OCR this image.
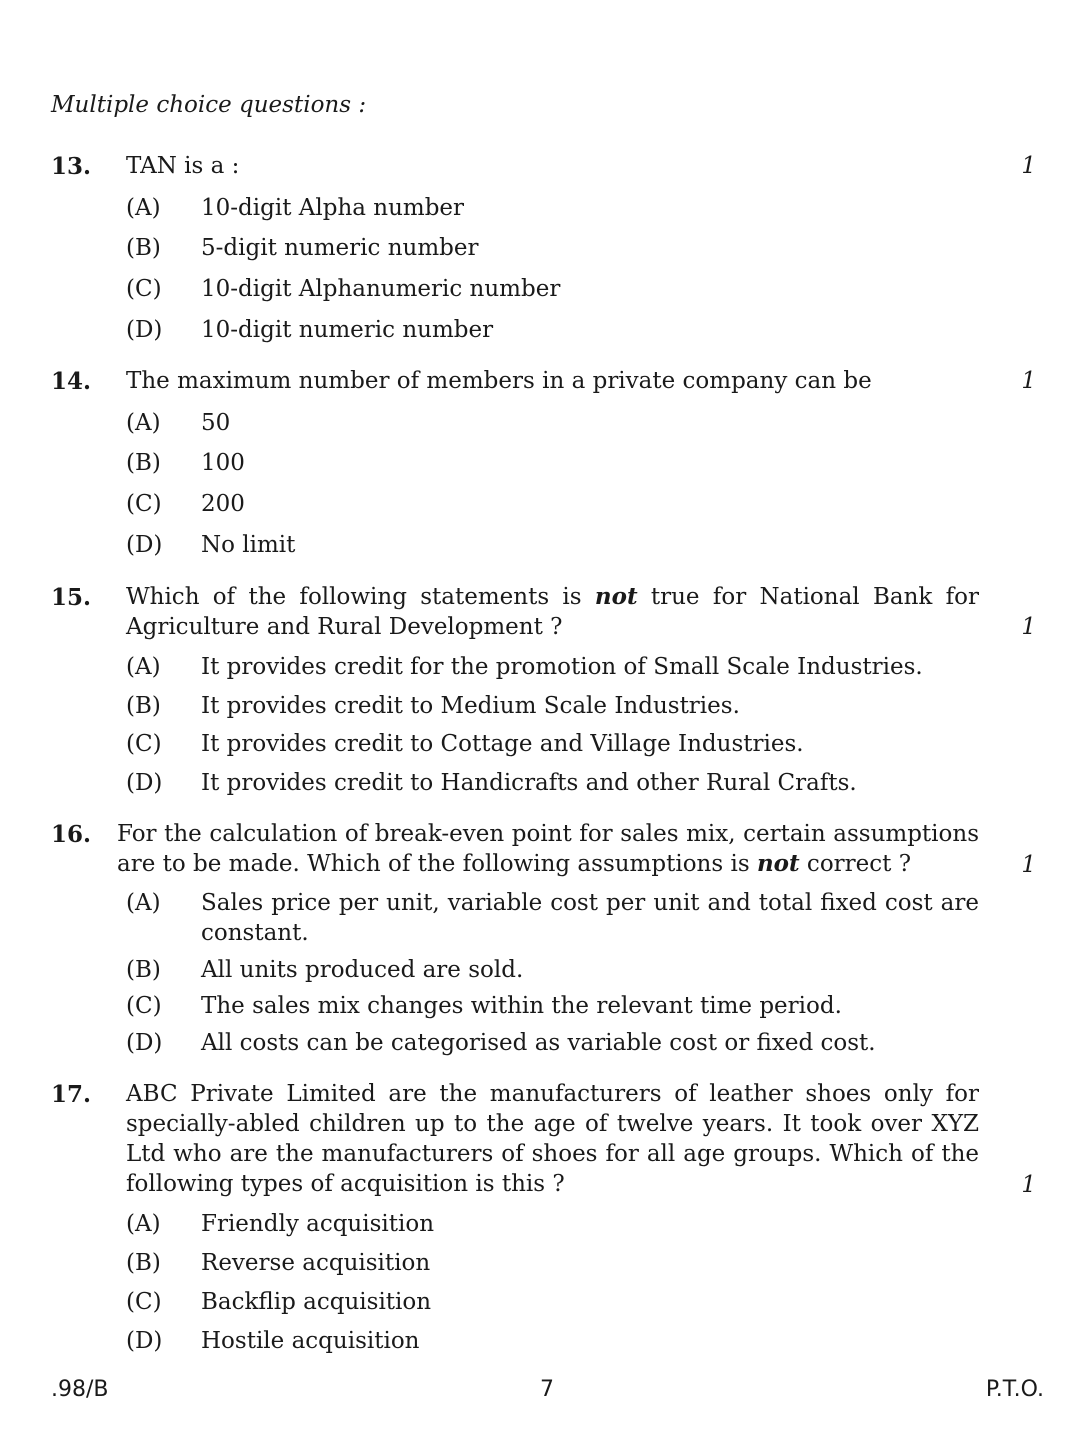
Multiple choice questions :
13. TAN is a :	1
(A) 10-digit Alpha number
(B) 5-digit numeric number
(C) 10-digit Alphanumeric number
(D) 10-digit numeric number
14. The maximum number of members in a private company can be	1
(A) 50
(B) 100
(C) 200
(D) No limit
15. Which of the following statements is not true for National Bank for Agriculture and Rural Development ?	1
(A) It provides credit for the promotion of Small Scale Industries.
(B) It provides credit to Medium Scale Industries.
(C) It provides credit to Cottage and Village Industries.
(D) It provides credit to Handicrafts and other Rural Crafts.
16. For the calculation of break-even point for sales mix, certain assumptions are to be made. Which of the following assumptions is not correct ?	1
(A) Sales price per unit, variable cost per unit and total fixed cost are constant.
(B) All units produced are sold.
(C) The sales mix changes within the relevant time period.
(D) All costs can be categorised as variable cost or fixed cost.
17. ABC Private Limited are the manufacturers of leather shoes only for specially-abled children up to the age of twelve years. It took over XYZ Ltd who are the manufacturers of shoes for all age groups. Which of the following types of acquisition is this ?	1
(A) Friendly acquisition
(B) Reverse acquisition
(C) Backflip acquisition
(D) Hostile acquisition
.98/B	7	P.T.O.
